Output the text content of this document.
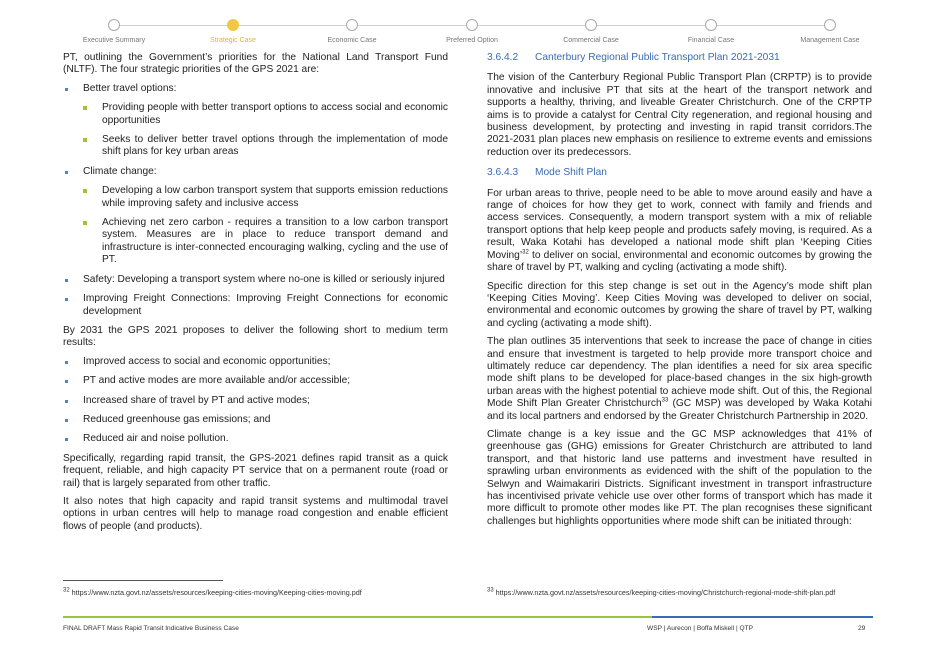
Executive Summary	Strategic Case	Economic Case	Preferred Option	Commercial Case	Financial Case	Management Case

PT, outlining the Government’s priorities for the National Land Transport Fund (NLTF). The four strategic priorities of the GPS 2021 are:

Better travel options:
Providing people with better transport options to access social and economic opportunities
Seeks to deliver better travel options through the implementation of mode shift plans for key urban areas
Climate change:
Developing a low carbon transport system that supports emission reductions while improving safety and inclusive access
Achieving net zero carbon - requires a transition to a low carbon transport system. Measures are in place to reduce transport demand and infrastructure is inter-connected encouraging walking, cycling and the use of PT.
Safety: Developing a transport system where no-one is killed or seriously injured
Improving Freight Connections: Improving Freight Connections for economic development

By 2031 the GPS 2021 proposes to deliver the following short to medium term results:

Improved access to social and economic opportunities;
PT and active modes are more available and/or accessible;
Increased share of travel by PT and active modes;
Reduced greenhouse gas emissions; and
Reduced air and noise pollution.

Specifically, regarding rapid transit, the GPS-2021 defines rapid transit as a quick frequent, reliable, and high capacity PT service that on a permanent route (road or rail) that is largely separated from other traffic.

It also notes that high capacity and rapid transit systems and multimodal travel options in urban centres will help to manage road congestion and enable efficient flows of people (and products).

3.6.4.2 Canterbury Regional Public Transport Plan 2021-2031

The vision of the Canterbury Regional Public Transport Plan (CRPTP) is to provide innovative and inclusive PT that sits at the heart of the transport network and supports a healthy, thriving, and liveable Greater Christchurch. One of the CRPTP aims is to provide a catalyst for Central City regeneration, and regional housing and business development, by protecting and investing in rapid transit corridors.The 2021-2031 plan places new emphasis on resilience to extreme events and emissions reduction over its predecessors.

3.6.4.3 Mode Shift Plan

For urban areas to thrive, people need to be able to move around easily and have a range of choices for how they get to work, connect with family and friends and access services. Consequently, a modern transport system with a mix of reliable transport options that help keep people and products safely moving, is required. As a result, Waka Kotahi has developed a national mode shift plan ‘Keeping Cities Moving’$^{32}$ to deliver on social, environmental and economic outcomes by growing the share of travel by PT, walking and cycling (activating a mode shift).

Specific direction for this step change is set out in the Agency’s mode shift plan ‘Keeping Cities Moving’. Keep Cities Moving was developed to deliver on social, environmental and economic outcomes by growing the share of travel by PT, walking and cycling (activating a mode shift).

The plan outlines 35 interventions that seek to increase the pace of change in cities and ensure that investment is targeted to help provide more transport choice and ultimately reduce car dependency. The plan identifies a need for six area specific mode shift plans to be developed for place-based changes in the six high-growth urban areas with the highest potential to achieve mode shift. Out of this, the Regional Mode Shift Plan Greater Christchurch$^{33}$ (GC MSP) was developed by Waka Kotahi and its local partners and endorsed by the Greater Christchurch Partnership in 2020.

Climate change is a key issue and the GC MSP acknowledges that 41% of greenhouse gas (GHG) emissions for Greater Christchurch are attributed to land transport, and that historic land use patterns and investment have resulted in sprawling urban environments as evidenced with the shift of the population to the Selwyn and Waimakariri Districts. Significant investment in transport infrastructure has incentivised private vehicle use over other forms of transport which has made it more difficult to promote other modes like PT. The plan recognises these significant challenges but highlights opportunities where mode shift can be initiated through:

$^{32}$ https://www.nzta.govt.nz/assets/resources/keeping-cities-moving/Keeping-cities-moving.pdf	$^{33}$ https://www.nzta.govt.nz/assets/resources/keeping-cities-moving/Christchurch-regional-mode-shift-plan.pdf
FINAL DRAFT Mass Rapid Transit Indicative Business Case	WSP | Aurecon | Boffa Miskell | QTP	29
